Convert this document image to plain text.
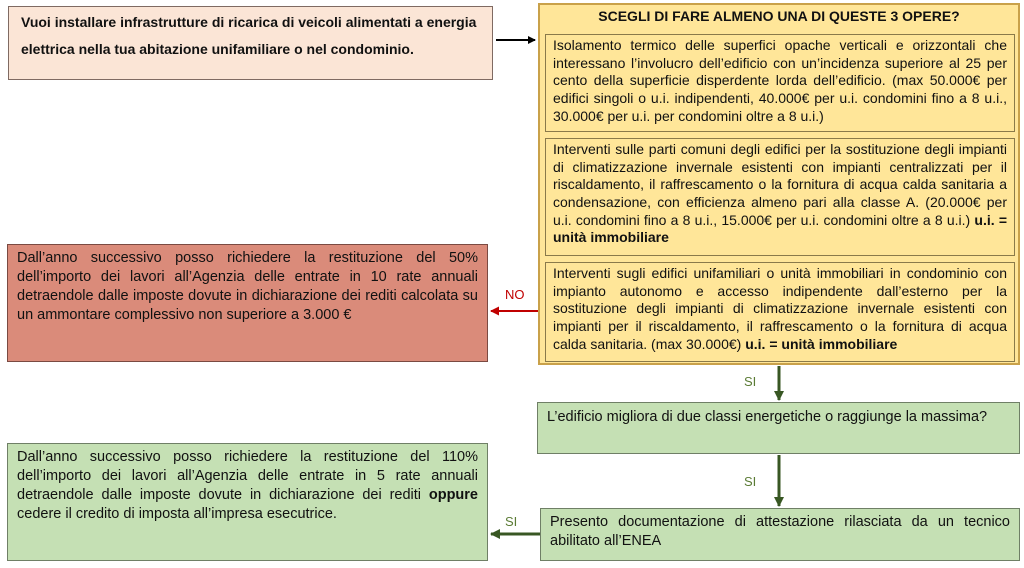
Vuoi installare infrastrutture di ricarica di veicoli alimentati a energia elettrica nella tua abitazione unifamiliare o nel condominio.
SCEGLI DI FARE ALMENO UNA DI QUESTE 3 OPERE?
Isolamento termico delle superfici opache verticali e orizzontali che interessano l’involucro dell’edificio con un’incidenza superiore al 25 per cento della superficie disperdente lorda dell’edificio. (max 50.000€ per edifici singoli o u.i. indipendenti, 40.000€ per u.i. condomini fino a 8 u.i., 30.000€ per u.i. per condomini oltre a 8 u.i.)
Interventi sulle parti comuni degli edifici per la sostituzione degli impianti di climatizzazione invernale esistenti con impianti centralizzati per il riscaldamento, il raffrescamento o la fornitura di acqua calda sanitaria a condensazione, con efficienza almeno pari alla classe A. (20.000€ per u.i. condomini fino a 8 u.i., 15.000€ per u.i. condomini oltre a 8 u.i.) u.i. = unità immobiliare
Interventi sugli edifici unifamiliari o unità immobiliari in condominio con impianto autonomo e accesso indipendente dall’esterno per la sostituzione degli impianti di climatizzazione invernale esistenti con impianti per il riscaldamento, il raffrescamento o la fornitura di acqua calda sanitaria. (max 30.000€) u.i. = unità immobiliare
Dall’anno successivo posso richiedere la restituzione del 50% dell’importo dei lavori all’Agenzia delle entrate in 10 rate annuali detraendole dalle imposte dovute in dichiarazione dei rediti calcolata su un ammontare complessivo non superiore a 3.000 €
L’edificio migliora di due classi energetiche o raggiunge la massima?
Dall’anno successivo posso richiedere la restituzione del 110% dell’importo dei lavori all’Agenzia delle entrate in 5 rate annuali detraendole dalle imposte dovute in dichiarazione dei rediti oppure cedere il credito di imposta all’impresa esecutrice.	Presento documentazione di attestazione rilasciata da un tecnico abilitato all’ENEA
NO
SI
SI
SI
